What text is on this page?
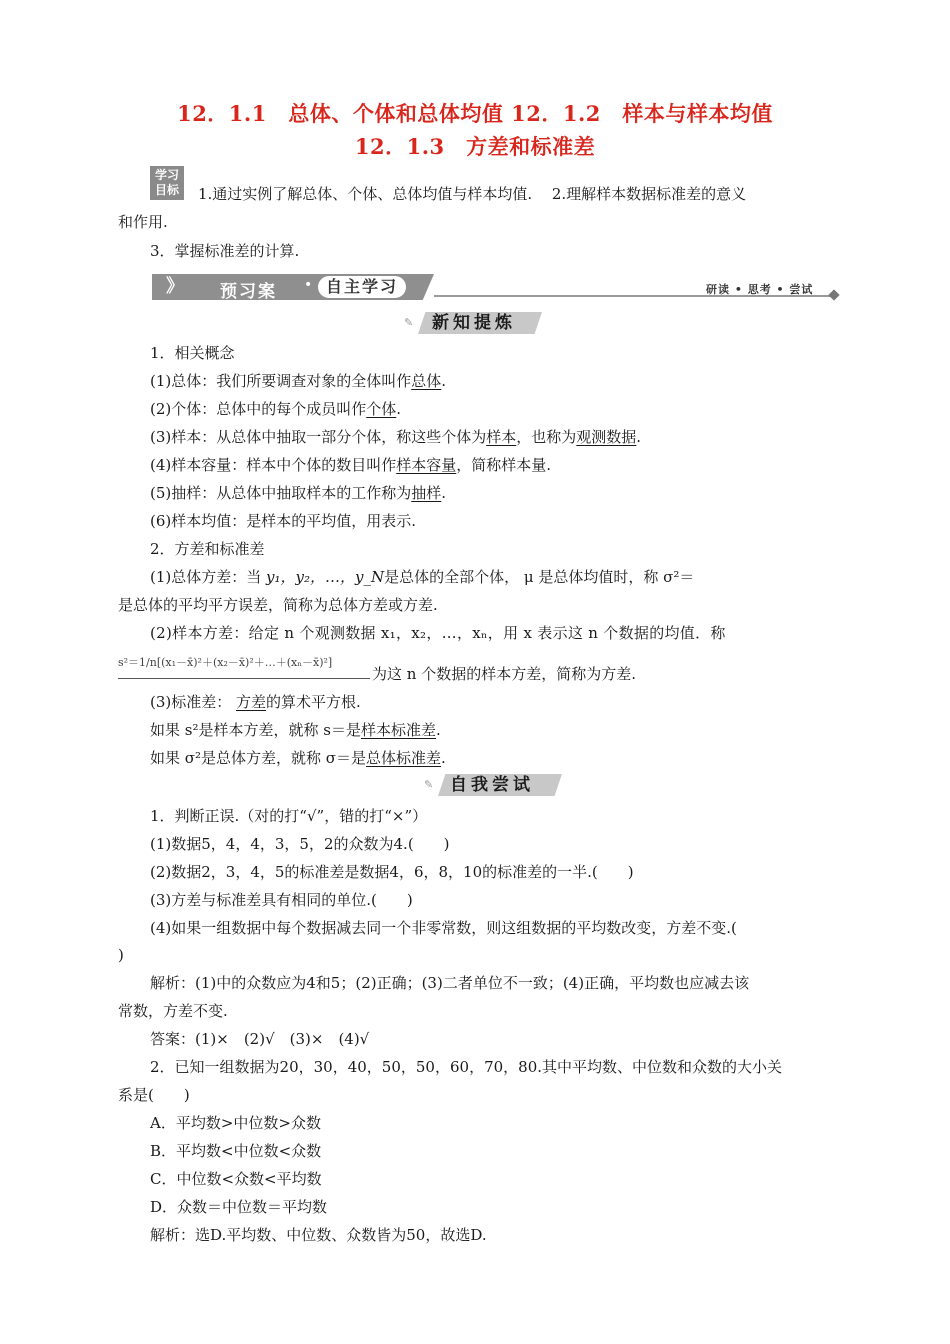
12．1.1　总体、个体和总体均值 12．1.2　样本与样本均值
12．1.3　方差和标准差
学习
目标	1.通过实例了解总体、个体、总体均值与样本均值.　 2.理解样本数据标准差的意义
和作用.
3．掌握标准差的计算.
》 预习案 • 自主学习	研读 • 思考 • 尝试
✎ 新知提炼
1．相关概念
(1)总体：我们所要调查对象的全体叫作总体.
(2)个体：总体中的每个成员叫作个体.
(3)样本：从总体中抽取一部分个体，称这些个体为样本，也称为观测数据.
(4)样本容量：样本中个体的数目叫作样本容量，简称样本量.
(5)抽样：从总体中抽取样本的工作称为抽样.
(6)样本均值：是样本的平均值，用表示.
2．方差和标准差
(1)总体方差：当 y₁，y₂，…，y_N是总体的全部个体， μ 是总体均值时，称 σ²＝
是总体的平均平方误差，简称为总体方差或方差.
(2)样本方差：给定 n 个观测数据 x₁，x₂，…，xₙ，用 x 表示这 n 个数据的均值．称
s²＝1/n[(x₁－x̄)²＋(x₂－x̄)²＋…＋(xₙ－x̄)²]
为这 n 个数据的样本方差，简称为方差.
(3)标准差： 方差的算术平方根.
如果 s²是样本方差，就称 s＝是样本标准差.
如果 σ²是总体方差，就称 σ＝是总体标准差.
✎ 自我尝试
1．判断正误.（对的打“√”，错的打“×”）
(1)数据5，4，4，3，5，2的众数为4.(　　)
(2)数据2，3，4，5的标准差是数据4，6，8，10的标准差的一半.(　　)
(3)方差与标准差具有相同的单位.(　　)
(4)如果一组数据中每个数据减去同一个非零常数，则这组数据的平均数改变，方差不变.(
)
解析：(1)中的众数应为4和5；(2)正确；(3)二者单位不一致；(4)正确，平均数也应减去该
常数，方差不变.
答案：(1)×　(2)√　(3)×　(4)√
2．已知一组数据为20，30，40，50，50，60，70，80.其中平均数、中位数和众数的大小关
系是(　　)
A．平均数>中位数>众数
B．平均数<中位数<众数
C．中位数<众数<平均数
D．众数＝中位数＝平均数
解析：选D.平均数、中位数、众数皆为50，故选D.
